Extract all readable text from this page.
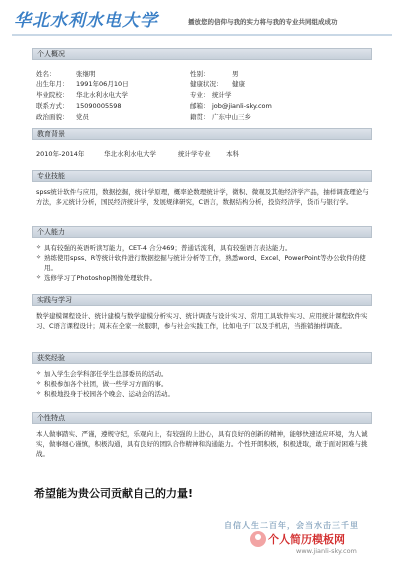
华北水利水电大学	播放您的信仰与我的实力将与我的专业共同组成成功
个人概况
姓名：	张继明	性别：	男
出生年月： 1991年06月10日	健康状况： 健康
毕业院校： 华北水利水电大学	专业： 统计学
联系方式： 15090005598	邮箱： job@jianli-sky.com
政治面貌： 党员	籍贯： 广东中山三乡
教育背景
2010年-2014年	华北水利水电大学	统计学专业 本科
专业技能
spss统计软件与应用，数据挖掘，统计学原理，概率论数理统计学，微积、微观及其他经济学产品，抽样调查理论与方法，多元统计分析，国民经济统计学，发展规律研究，C语言，数据结构分析，投资经济学，货币与银行学。
个人能力
✧ 具有较强的英语听读写能力，CET-4 合分469；普通话流利，具有较强语言表达能力。
✧ 熟练使用spss、R等统计软件进行数据挖掘与统计分析等工作，熟悉word、Excel、PowerPoint等办公软件的使用。
✧ 选修学习了Photoshop图像处理软件。
实践与学习
数学建模课程设计、统计建模与数学建模分析实习、统计调查与设计实习、常用工具软件实习、应用统计课程软件实习、C语言课程设计；周末在全家一丝服职，参与社会实践工作，比如电子厂以及手机店，当推销抽样调查。
获奖经验
✧ 加入学生会学科部任学生总部委员的活动。
✧ 积极参加各个社团，做一些学习方面的事。
✧ 积极地投身于校园各个晚会、运动会的活动。
个性特点
本人做事踏实、严谨，遵规守纪，乐观向上，有较强的上进心，具有良好的创新的精神，能够快速适应环境，为人诚实，做事细心谨慎，积极沟通，具有良好的团队合作精神和沟通能力。个性开朗积极，积极进取，敢于面对困难与挑战。
希望能为贵公司贡献自己的力量!
自信人生二百年，会当水击三千里
个人简历模板网
www.jianli-sky.com
